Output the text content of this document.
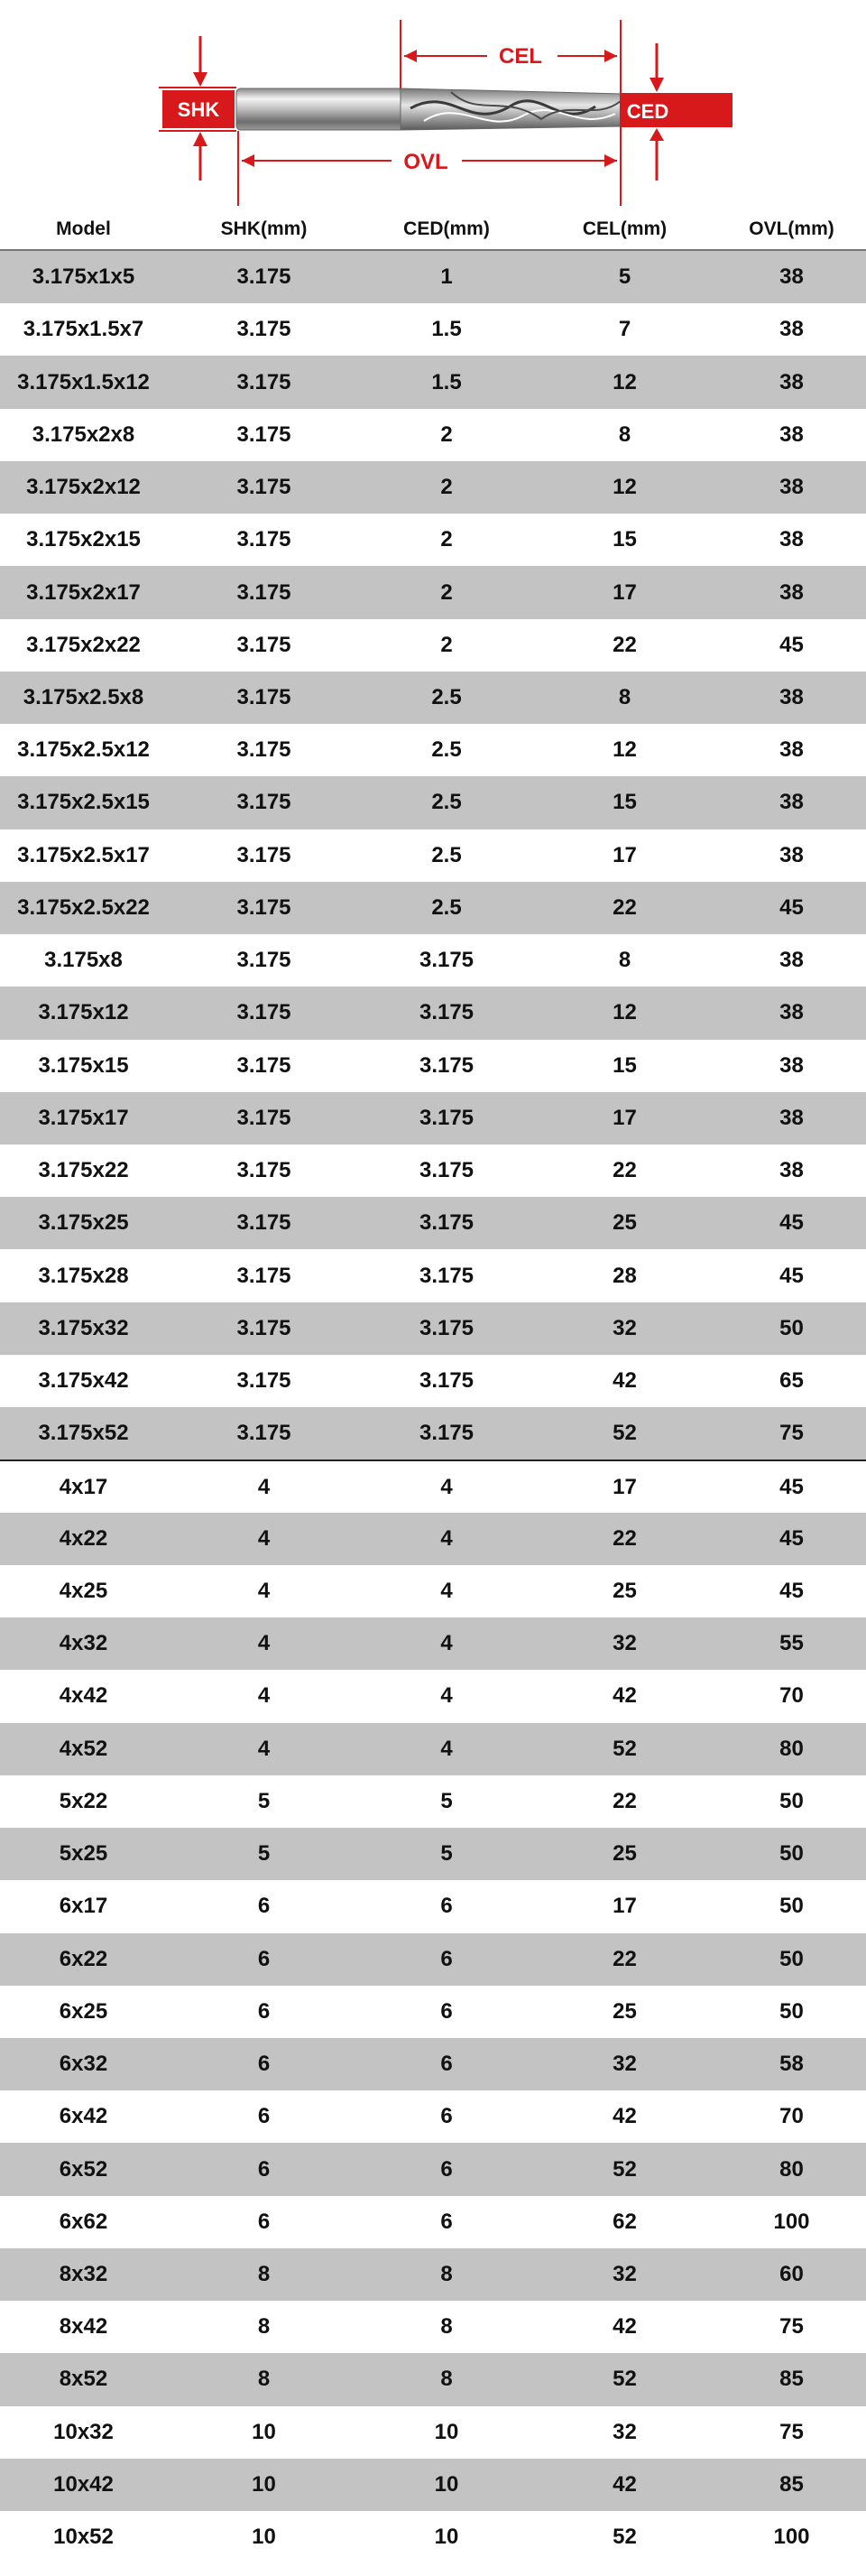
SHK	CED
CEL
OVL
Model	SHK(mm)	CED(mm)	CEL(mm)	OVL(mm)
3.175x1x5	3.175	1	5	38
3.175x1.5x7	3.175	1.5	7	38
3.175x1.5x12	3.175	1.5	12	38
3.175x2x8	3.175	2	8	38
3.175x2x12	3.175	2	12	38
3.175x2x15	3.175	2	15	38
3.175x2x17	3.175	2	17	38
3.175x2x22	3.175	2	22	45
3.175x2.5x8	3.175	2.5	8	38
3.175x2.5x12	3.175	2.5	12	38
3.175x2.5x15	3.175	2.5	15	38
3.175x2.5x17	3.175	2.5	17	38
3.175x2.5x22	3.175	2.5	22	45
3.175x8	3.175	3.175	8	38
3.175x12	3.175	3.175	12	38
3.175x15	3.175	3.175	15	38
3.175x17	3.175	3.175	17	38
3.175x22	3.175	3.175	22	38
3.175x25	3.175	3.175	25	45
3.175x28	3.175	3.175	28	45
3.175x32	3.175	3.175	32	50
3.175x42	3.175	3.175	42	65
3.175x52	3.175	3.175	52	75
4x17	4	4	17	45
4x22	4	4	22	45
4x25	4	4	25	45
4x32	4	4	32	55
4x42	4	4	42	70
4x52	4	4	52	80
5x22	5	5	22	50
5x25	5	5	25	50
6x17	6	6	17	50
6x22	6	6	22	50
6x25	6	6	25	50
6x32	6	6	32	58
6x42	6	6	42	70
6x52	6	6	52	80
6x62	6	6	62	100
8x32	8	8	32	60
8x42	8	8	42	75
8x52	8	8	52	85
10x32	10	10	32	75
10x42	10	10	42	85
10x52	10	10	52	100
